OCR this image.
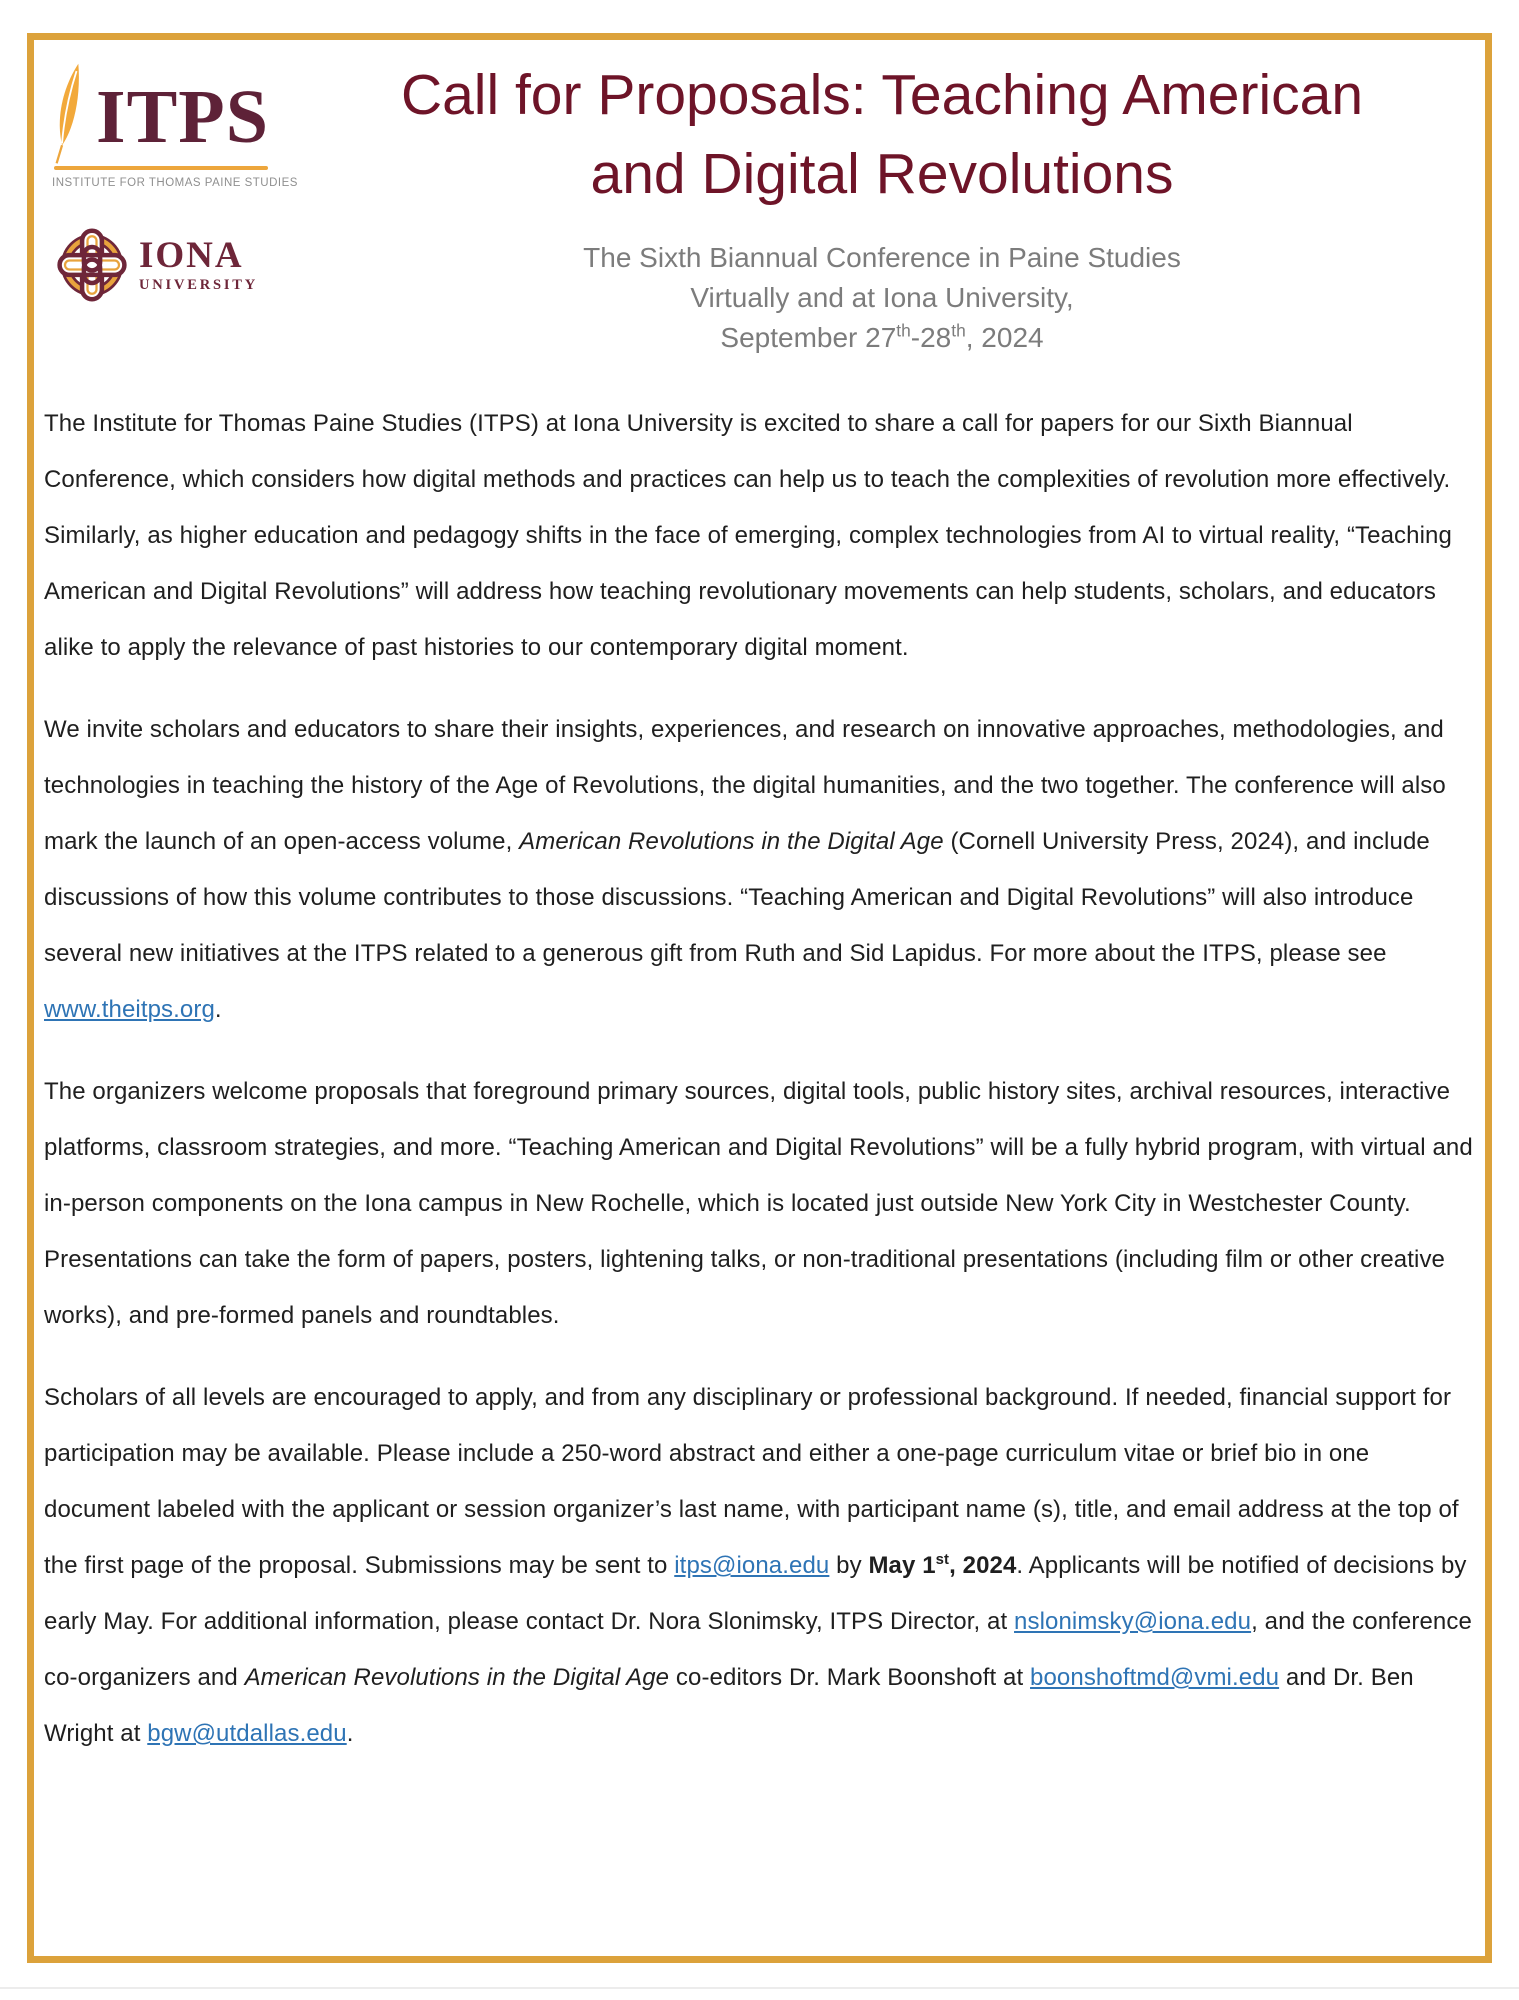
ITPS
INSTITUTE FOR THOMAS PAINE STUDIES
IONA
UNIVERSITY
Call for Proposals: Teaching American
and Digital Revolutions
The Sixth Biannual Conference in Paine Studies
Virtually and at Iona University,
September 27th-28th, 2024

The Institute for Thomas Paine Studies (ITPS) at Iona University is excited to share a call for papers for our Sixth Biannual Conference, which considers how digital methods and practices can help us to teach the complexities of revolution more effectively. Similarly, as higher education and pedagogy shifts in the face of emerging, complex technologies from AI to virtual reality, “Teaching American and Digital Revolutions” will address how teaching revolutionary movements can help students, scholars, and educators alike to apply the relevance of past histories to our contemporary digital moment.

We invite scholars and educators to share their insights, experiences, and research on innovative approaches, methodologies, and technologies in teaching the history of the Age of Revolutions, the digital humanities, and the two together. The conference will also mark the launch of an open-access volume, American Revolutions in the Digital Age (Cornell University Press, 2024), and include discussions of how this volume contributes to those discussions. “Teaching American and Digital Revolutions” will also introduce several new initiatives at the ITPS related to a generous gift from Ruth and Sid Lapidus. For more about the ITPS, please see www.theitps.org.

The organizers welcome proposals that foreground primary sources, digital tools, public history sites, archival resources, interactive platforms, classroom strategies, and more. “Teaching American and Digital Revolutions” will be a fully hybrid program, with virtual and in-person components on the Iona campus in New Rochelle, which is located just outside New York City in Westchester County. Presentations can take the form of papers, posters, lightening talks, or non-traditional presentations (including film or other creative works), and pre-formed panels and roundtables.

Scholars of all levels are encouraged to apply, and from any disciplinary or professional background. If needed, financial support for participation may be available. Please include a 250-word abstract and either a one-page curriculum vitae or brief bio in one document labeled with the applicant or session organizer’s last name, with participant name (s), title, and email address at the top of the first page of the proposal. Submissions may be sent to itps@iona.edu by May 1st, 2024. Applicants will be notified of decisions by early May. For additional information, please contact Dr. Nora Slonimsky, ITPS Director, at nslonimsky@iona.edu, and the conference co-organizers and American Revolutions in the Digital Age co-editors Dr. Mark Boonshoft at boonshoftmd@vmi.edu and Dr. Ben Wright at bgw@utdallas.edu.
